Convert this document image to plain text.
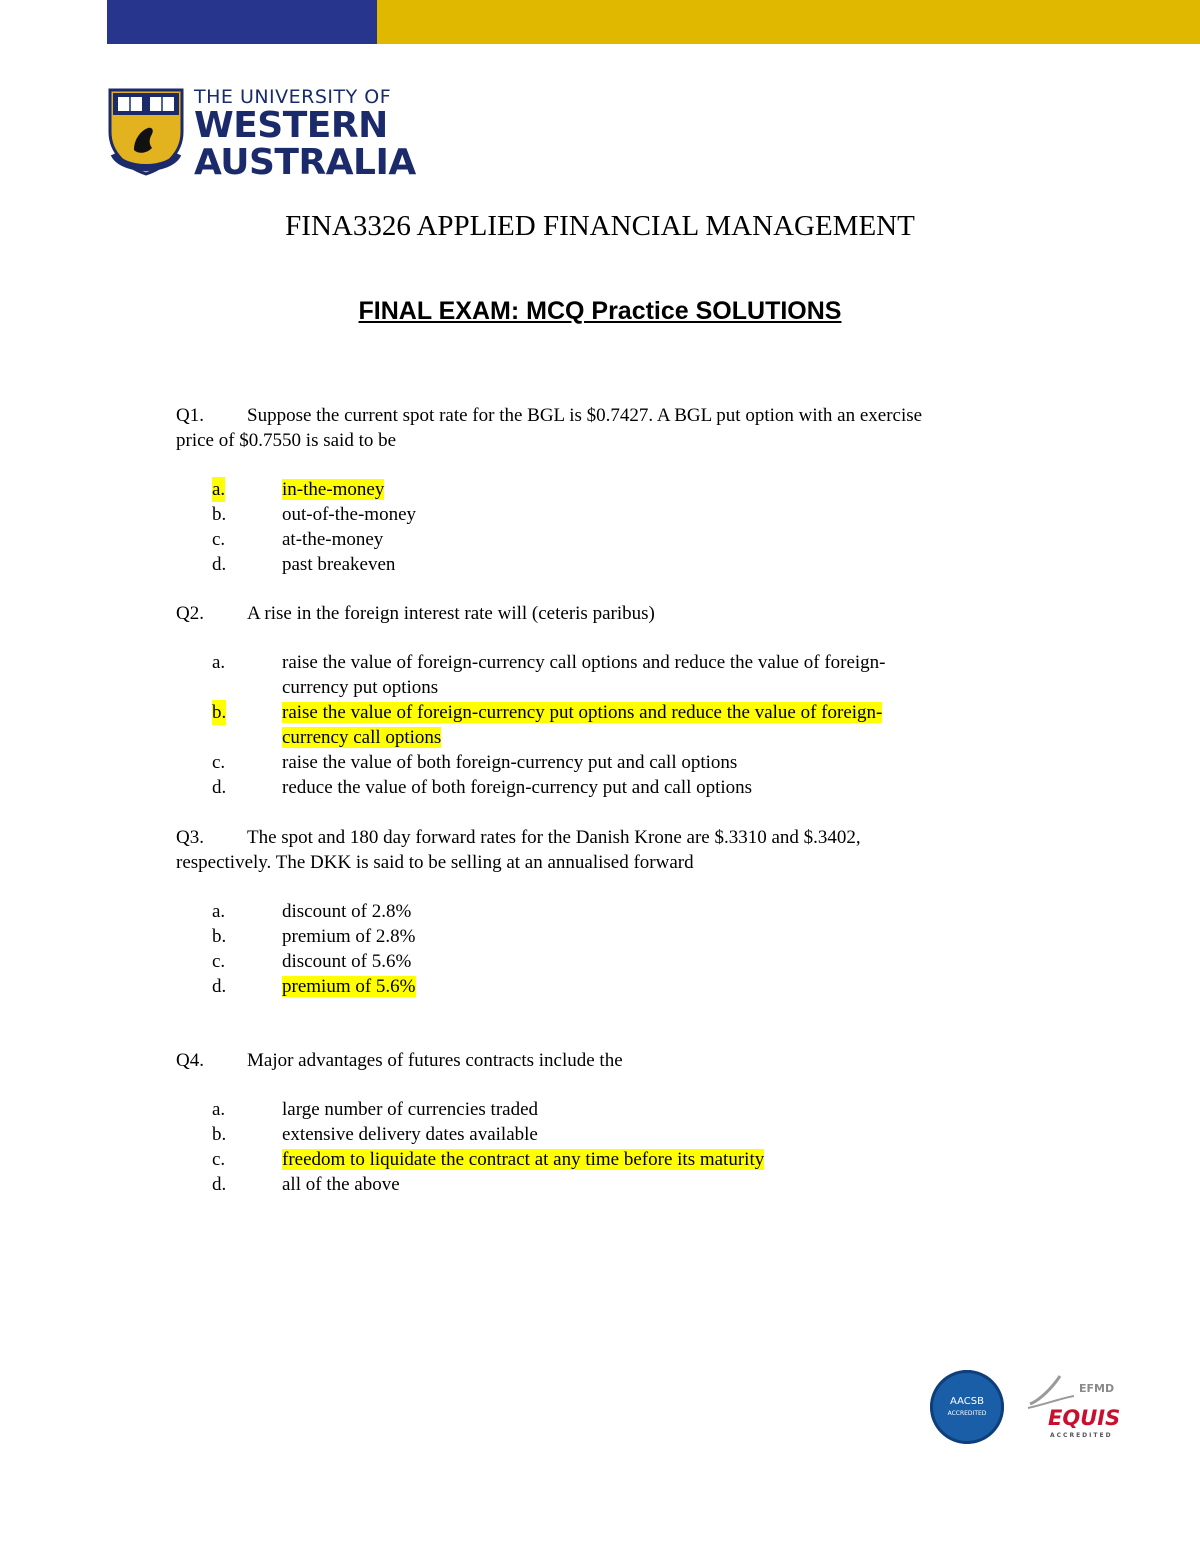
THE UNIVERSITY OF
WESTERN
AUSTRALIA
FINA3326 APPLIED FINANCIAL MANAGEMENT
FINAL EXAM: MCQ Practice SOLUTIONS
Q1. Suppose the current spot rate for the BGL is $0.7427. A BGL put option with an exercise
price of $0.7550 is said to be
a.	in-the-money
b.	out-of-the-money
c.	at-the-money
d.	past breakeven
Q2. A rise in the foreign interest rate will (ceteris paribus)
a.	raise the value of foreign-currency call options and reduce the value of foreign-
currency put options
b.	raise the value of foreign-currency put options and reduce the value of foreign-
currency call options
c.	raise the value of both foreign-currency put and call options
d.	reduce the value of both foreign-currency put and call options
Q3. The spot and 180 day forward rates for the Danish Krone are $.3310 and $.3402,
respectively. The DKK is said to be selling at an annualised forward
a.	discount of 2.8%
b.	premium of 2.8%
c.	discount of 5.6%
d.	premium of 5.6%
Q4. Major advantages of futures contracts include the
a.	large number of currencies traded
b.	extensive delivery dates available
c.	freedom to liquidate the contract at any time before its maturity
d.	all of the above
AACSB
ACCREDITED
EFMD
EQUIS
ACCREDITED
